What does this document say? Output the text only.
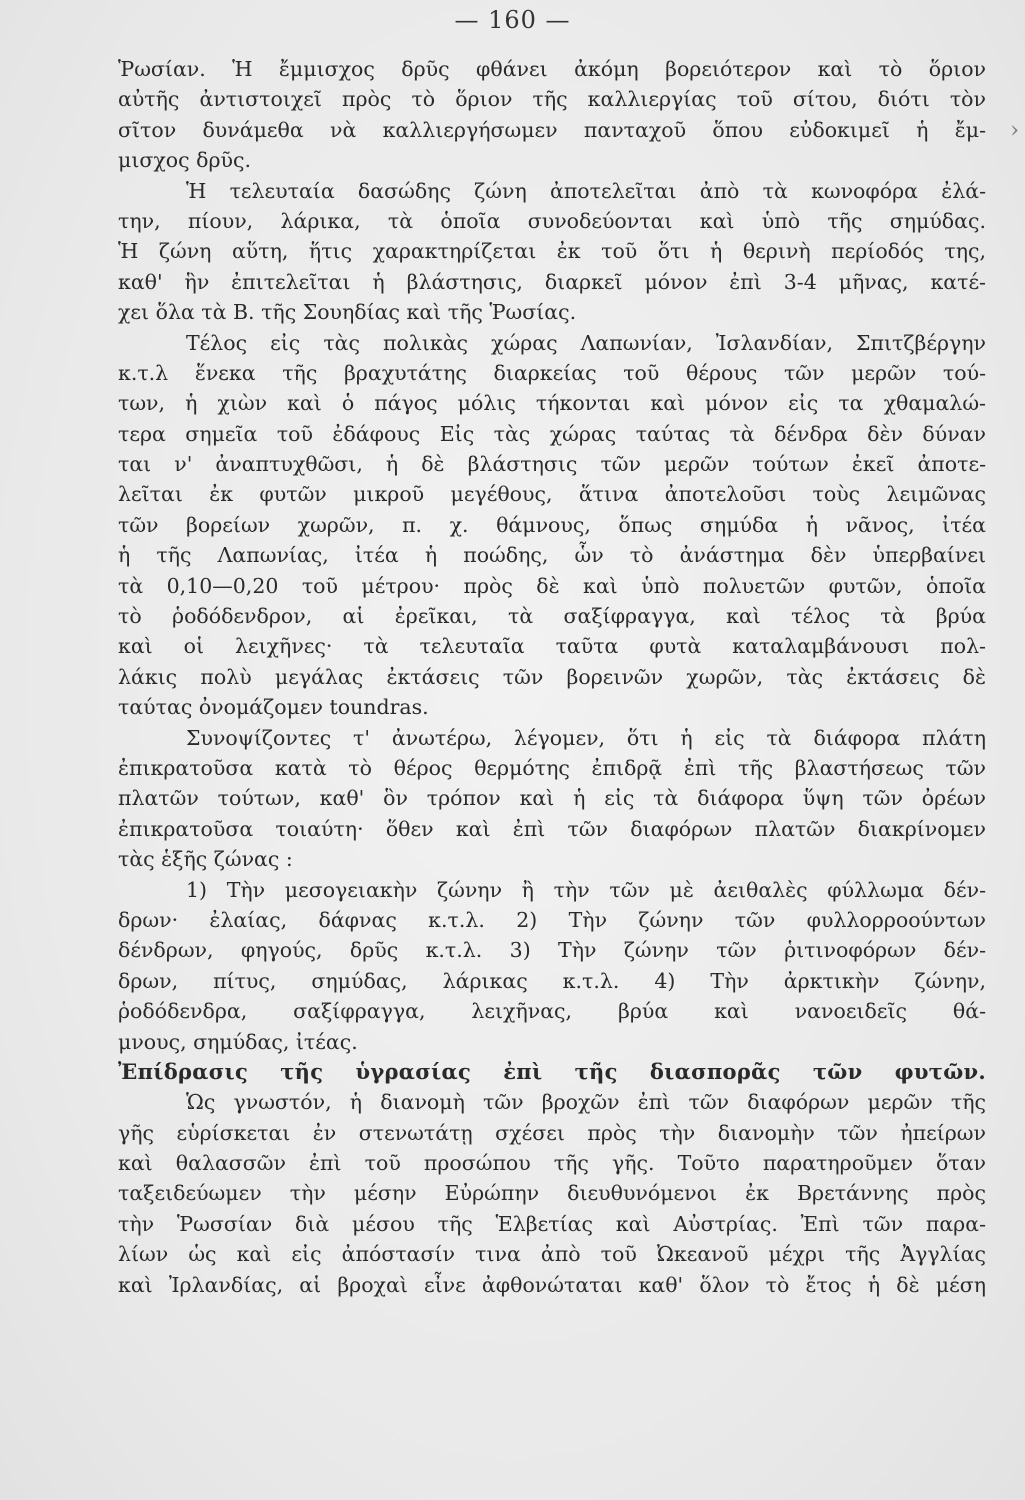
— 160 —
Ῥωσίαν. Ἡ ἔμμισχος δρῦς φθάνει ἀκόμη βορειότερον καὶ τὸ ὅριον
αὐτῆς ἀντιστοιχεῖ πρὸς τὸ ὅριον τῆς καλλιεργίας τοῦ σίτου, διότι τὸν
σῖτον δυνάμεθα νὰ καλλιεργήσωμεν πανταχοῦ ὅπου εὐδοκιμεῖ ἡ ἔμ-
μισχος δρῦς.
Ἡ τελευταία δασώδης ζώνη ἀποτελεῖται ἀπὸ τὰ κωνοφόρα ἐλά-
την, πίουν, λάρικα, τὰ ὁποῖα συνοδεύονται καὶ ὑπὸ τῆς σημύδας.
Ἡ ζώνη αὕτη, ἥτις χαρακτηρίζεται ἐκ τοῦ ὅτι ἡ θερινὴ περίοδός της,
καθ' ἣν ἐπιτελεῖται ἡ βλάστησις, διαρκεῖ μόνον ἐπὶ 3-4 μῆνας, κατέ-
χει ὅλα τὰ Β. τῆς Σουηδίας καὶ τῆς Ῥωσίας.
Τέλος εἰς τὰς πολικὰς χώρας Λαπωνίαν, Ἰσλανδίαν, Σπιτζβέργην
κ.τ.λ ἕνεκα τῆς βραχυτάτης διαρκείας τοῦ θέρους τῶν μερῶν τού-
των, ἡ χιὼν καὶ ὁ πάγος μόλις τήκονται καὶ μόνον εἰς τα χθαμαλώ-
τερα σημεῖα τοῦ ἐδάφους Εἰς τὰς χώρας ταύτας τὰ δένδρα δὲν δύναν
ται ν' ἀναπτυχθῶσι, ἡ δὲ βλάστησις τῶν μερῶν τούτων ἐκεῖ ἀποτε-
λεῖται ἐκ φυτῶν μικροῦ μεγέθους, ἅτινα ἀποτελοῦσι τοὺς λειμῶνας
τῶν βορείων χωρῶν, π. χ. θάμνους, ὅπως σημύδα ἡ νᾶνος, ἰτέα
ἡ τῆς Λαπωνίας, ἰτέα ἡ ποώδης, ὧν τὸ ἀνάστημα δὲν ὑπερβαίνει
τὰ 0,10—0,20 τοῦ μέτρου· πρὸς δὲ καὶ ὑπὸ πολυετῶν φυτῶν, ὁποῖα
τὸ ῥοδόδενδρον, αἱ ἐρεῖκαι, τὰ σαξίφραγγα, καὶ τέλος τὰ βρύα
καὶ οἱ λειχῆνες· τὰ τελευταῖα ταῦτα φυτὰ καταλαμβάνουσι πολ-
λάκις πολὺ μεγάλας ἐκτάσεις τῶν βορεινῶν χωρῶν, τὰς ἐκτάσεις δὲ
ταύτας ὀνομάζομεν toundras.
Συνοψίζοντες τ' ἀνωτέρω, λέγομεν, ὅτι ἡ εἰς τὰ διάφορα πλάτη
ἐπικρατοῦσα κατὰ τὸ θέρος θερμότης ἐπιδρᾷ ἐπὶ τῆς βλαστήσεως τῶν
πλατῶν τούτων, καθ' ὃν τρόπον καὶ ἡ εἰς τὰ διάφορα ὕψη τῶν ὀρέων
ἐπικρατοῦσα τοιαύτη· ὅθεν καὶ ἐπὶ τῶν διαφόρων πλατῶν διακρίνομεν
τὰς ἑξῆς ζώνας :
1) Τὴν μεσογειακὴν ζώνην ἢ τὴν τῶν μὲ ἀειθαλὲς φύλλωμα δέν-
δρων· ἐλαίας, δάφνας κ.τ.λ. 2) Τὴν ζώνην τῶν φυλλορροούντων
δένδρων, φηγούς, δρῦς κ.τ.λ. 3) Τὴν ζώνην τῶν ῥιτινοφόρων δέν-
δρων, πίτυς, σημύδας, λάρικας κ.τ.λ. 4) Τὴν ἀρκτικὴν ζώνην,
ῥοδόδενδρα, σαξίφραγγα, λειχῆνας, βρύα καὶ νανοειδεῖς θά-
μνους, σημύδας, ἰτέας.
Ἐπίδρασις τῆς ὑγρασίας ἐπὶ τῆς διασπορᾶς τῶν φυτῶν.
Ὡς γνωστόν, ἡ διανομὴ τῶν βροχῶν ἐπὶ τῶν διαφόρων μερῶν τῆς
γῆς εὑρίσκεται ἐν στενωτάτῃ σχέσει πρὸς τὴν διανομὴν τῶν ἠπείρων
καὶ θαλασσῶν ἐπὶ τοῦ προσώπου τῆς γῆς. Τοῦτο παρατηροῦμεν ὅταν
ταξειδεύωμεν τὴν μέσην Εὐρώπην διευθυνόμενοι ἐκ Βρετάννης πρὸς
τὴν Ῥωσσίαν διὰ μέσου τῆς Ἑλβετίας καὶ Αὐστρίας. Ἐπὶ τῶν παρα-
λίων ὡς καὶ εἰς ἀπόστασίν τινα ἀπὸ τοῦ Ὠκεανοῦ μέχρι τῆς Ἀγγλίας
καὶ Ἰρλανδίας, αἱ βροχαὶ εἶνε ἀφθονώταται καθ' ὅλον τὸ ἔτος ἡ δὲ μέση
›
